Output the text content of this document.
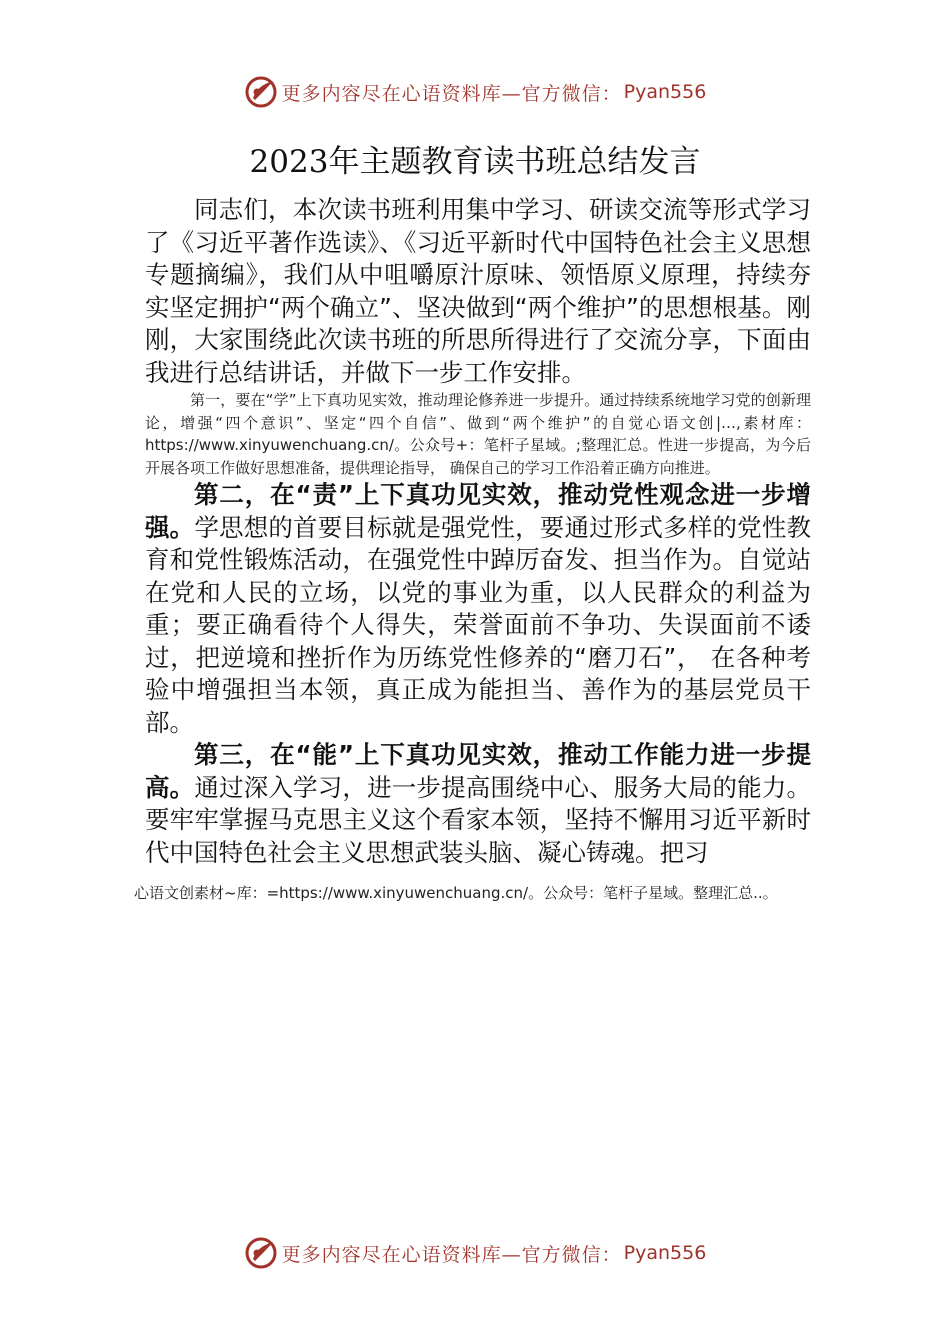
更多内容尽在心语资料库—官方微信： Pyan556
2023年主题教育读书班总结发言

同志们，本次读书班利用集中学习、研读交流等形式学习了《习近平著作选读》、《习近平新时代中国特色社会主义思想专题摘编》，我们从中咀嚼原汁原味、领悟原义原理，持续夯实坚定拥护“两个确立”、坚决做到“两个维护”的思想根基。刚刚，大家围绕此次读书班的所思所得进行了交流分享，下面由我进行总结讲话，并做下一步工作安排。

第一，要在“学”上下真功见实效，推动理论修养进一步提升。通过持续系统地学习党的创新理论，增强“四个意识”、坚定“四个自信”、做到“两个维护”的自觉心语文创|…,素材库：https://www.xinyuwenchuang.cn/。公众号+：笔杆子星域。;整理汇总。性进一步提高，为今后开展各项工作做好思想准备，提供理论指导， 确保自己的学习工作沿着正确方向推进。

第二，在“责”上下真功见实效，推动党性观念进一步增强。学思想的首要目标就是强党性，要通过形式多样的党性教育和党性锻炼活动，在强党性中踔厉奋发、担当作为。自觉站在党和人民的立场，以党的事业为重，以人民群众的利益为重；要正确看待个人得失，荣誉面前不争功、失误面前不诿过，把逆境和挫折作为历练党性修养的“磨刀石”， 在各种考验中增强担当本领，真正成为能担当、善作为的基层党员干部。

第三，在“能”上下真功见实效，推动工作能力进一步提高。通过深入学习，进一步提高围绕中心、服务大局的能力。要牢牢掌握马克思主义这个看家本领，坚持不懈用习近平新时代中国特色社会主义思想武装头脑、凝心铸魂。把习

心语文创素材~库：=https://www.xinyuwenchuang.cn/。公众号：笔杆子星域。整理汇总..。

更多内容尽在心语资料库—官方微信： Pyan556
